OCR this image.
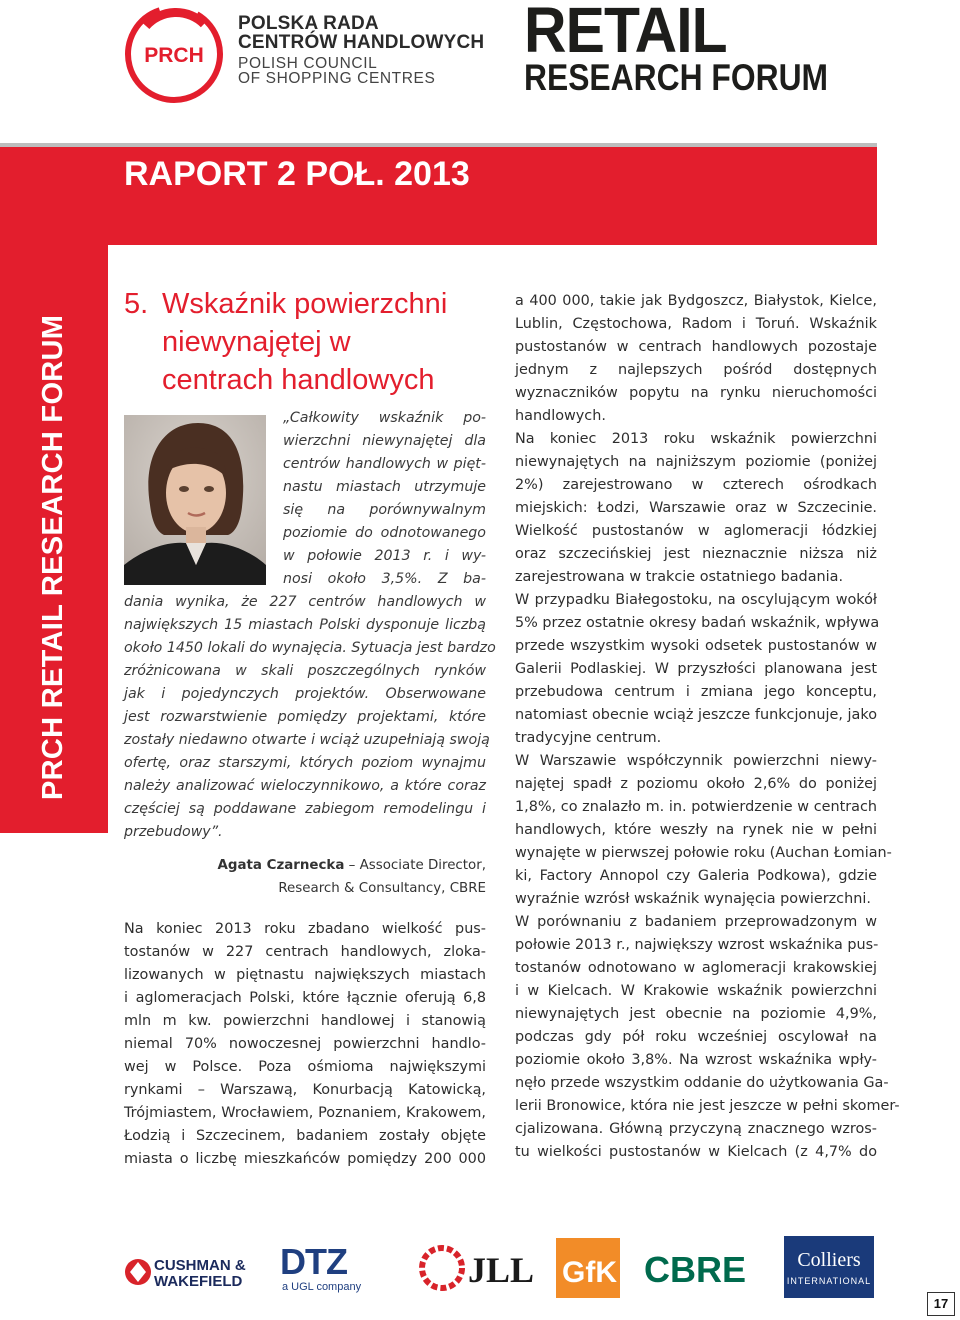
PRCH
POLSKA RADA
CENTRÓW HANDLOWYCH
POLISH COUNCIL
OF SHOPPING CENTRES
RETAIL
RESEARCH FORUM
RAPORT 2 POŁ. 2013
PRCH RETAIL RESEARCH FORUM
5. Wskaźnik powierzchni
niewynajętej w
centrach handlowych
„Całkowity wskaźnik po-
wierzchni niewynajętej dla
centrów handlowych w pięt-
nastu miastach utrzymuje
się na porównywalnym
poziomie do odnotowanego
w połowie 2013 r. i wy-
nosi około 3,5%. Z ba-
dania wynika, że 227 centrów handlowych w
największych 15 miastach Polski dysponuje liczbą
około 1450 lokali do wynajęcia. Sytuacja jest bardzo
zróżnicowana w skali poszczególnych rynków
jak i pojedynczych projektów. Obserwowane
jest rozwarstwienie pomiędzy projektami, które
zostały niedawno otwarte i wciąż uzupełniają swoją
ofertę, oraz starszymi, których poziom wynajmu
należy analizować wieloczynnikowo, a które coraz
częściej są poddawane zabiegom remodelingu i
przebudowy”.
Agata Czarnecka – Associate Director,
Research & Consultancy, CBRE
Na koniec 2013 roku zbadano wielkość pus-
tostanów w 227 centrach handlowych, zloka-
lizowanych w piętnastu największych miastach
i aglomeracjach Polski, które łącznie oferują 6,8
mln m kw. powierzchni handlowej i stanowią
niemal 70% nowoczesnej powierzchni handlo-
wej w Polsce. Poza ośmioma największymi
rynkami – Warszawą, Konurbacją Katowicką,
Trójmiastem, Wrocławiem, Poznaniem, Krakowem,
Łodzią i Szczecinem, badaniem zostały objęte
miasta o liczbę mieszkańców pomiędzy 200 000
a 400 000, takie jak Bydgoszcz, Białystok, Kielce,
Lublin, Częstochowa, Radom i Toruń. Wskaźnik
pustostanów w centrach handlowych pozostaje
jednym z najlepszych pośród dostępnych
wyznaczników popytu na rynku nieruchomości
handlowych.
Na koniec 2013 roku wskaźnik powierzchni
niewynajętych na najniższym poziomie (poniżej
2%) zarejestrowano w czterech ośrodkach
miejskich: Łodzi, Warszawie oraz w Szczecinie.
Wielkość pustostanów w aglomeracji łódzkiej
oraz szczecińskiej jest nieznacznie niższa niż
zarejestrowana w trakcie ostatniego badania.
W przypadku Białegostoku, na oscylującym wokół
5% przez ostatnie okresy badań wskaźnik, wpływa
przede wszystkim wysoki odsetek pustostanów w
Galerii Podlaskiej. W przyszłości planowana jest
przebudowa centrum i zmiana jego konceptu,
natomiast obecnie wciąż jeszcze funkcjonuje, jako
tradycyjne centrum.
W Warszawie współczynnik powierzchni niewy-
najętej spadł z poziomu około 2,6% do poniżej
1,8%, co znalazło m. in. potwierdzenie w centrach
handlowych, które weszły na rynek nie w pełni
wynajęte w pierwszej połowie roku (Auchan Łomian-
ki, Factory Annopol czy Galeria Podkowa), gdzie
wyraźnie wzrósł wskaźnik wynajęcia powierzchni.
W porównaniu z badaniem przeprowadzonym w
połowie 2013 r., największy wzrost wskaźnika pus-
tostanów odnotowano w aglomeracji krakowskiej
i w Kielcach. W Krakowie wskaźnik powierzchni
niewynajętych jest obecnie na poziomie 4,9%,
podczas gdy pół roku wcześniej oscylował na
poziomie około 3,8%. Na wzrost wskaźnika wpły-
nęło przede wszystkim oddanie do użytkowania Ga-
lerii Bronowice, która nie jest jeszcze w pełni skomer-
cjalizowana. Główną przyczyną znacznego wzros-
tu wielkości pustostanów w Kielcach (z 4,7% do
CUSHMAN &
WAKEFIELD DTZ
a UGL company	JLL GfK CBRE	Colliers
INTERNATIONAL
17
